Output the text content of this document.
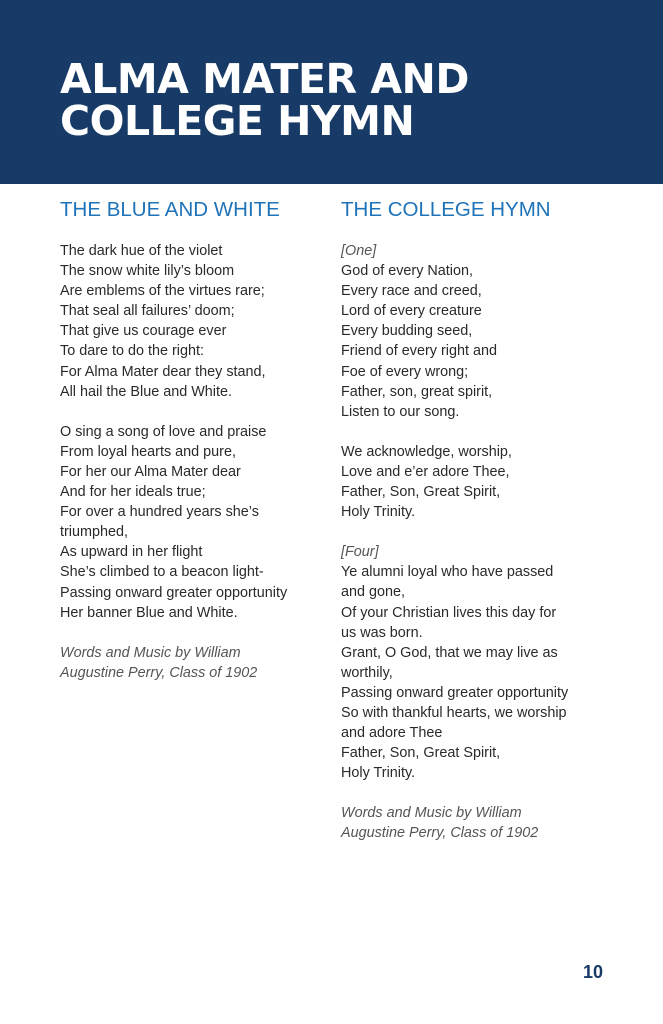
ALMA MATER AND
COLLEGE HYMN
THE BLUE AND WHITE
The dark hue of the violet
The snow white lily’s bloom
Are emblems of the virtues rare;
That seal all failures’ doom;
That give us courage ever
To dare to do the right:
For Alma Mater dear they stand,
All hail the Blue and White.
O sing a song of love and praise
From loyal hearts and pure,
For her our Alma Mater dear
And for her ideals true;
For over a hundred years she’s
triumphed,
As upward in her flight
She’s climbed to a beacon light-
Passing onward greater opportunity
Her banner Blue and White.
Words and Music by William
Augustine Perry, Class of 1902
THE COLLEGE HYMN
[One]
God of every Nation,
Every race and creed,
Lord of every creature
Every budding seed,
Friend of every right and
Foe of every wrong;
Father, son, great spirit,
Listen to our song.
We acknowledge, worship,
Love and e’er adore Thee,
Father, Son, Great Spirit,
Holy Trinity.
[Four]
Ye alumni loyal who have passed
and gone,
Of your Christian lives this day for
us was born.
Grant, O God, that we may live as
worthily,
Passing onward greater opportunity
So with thankful hearts, we worship
and adore Thee
Father, Son, Great Spirit,
Holy Trinity.
Words and Music by William
Augustine Perry, Class of 1902
10
